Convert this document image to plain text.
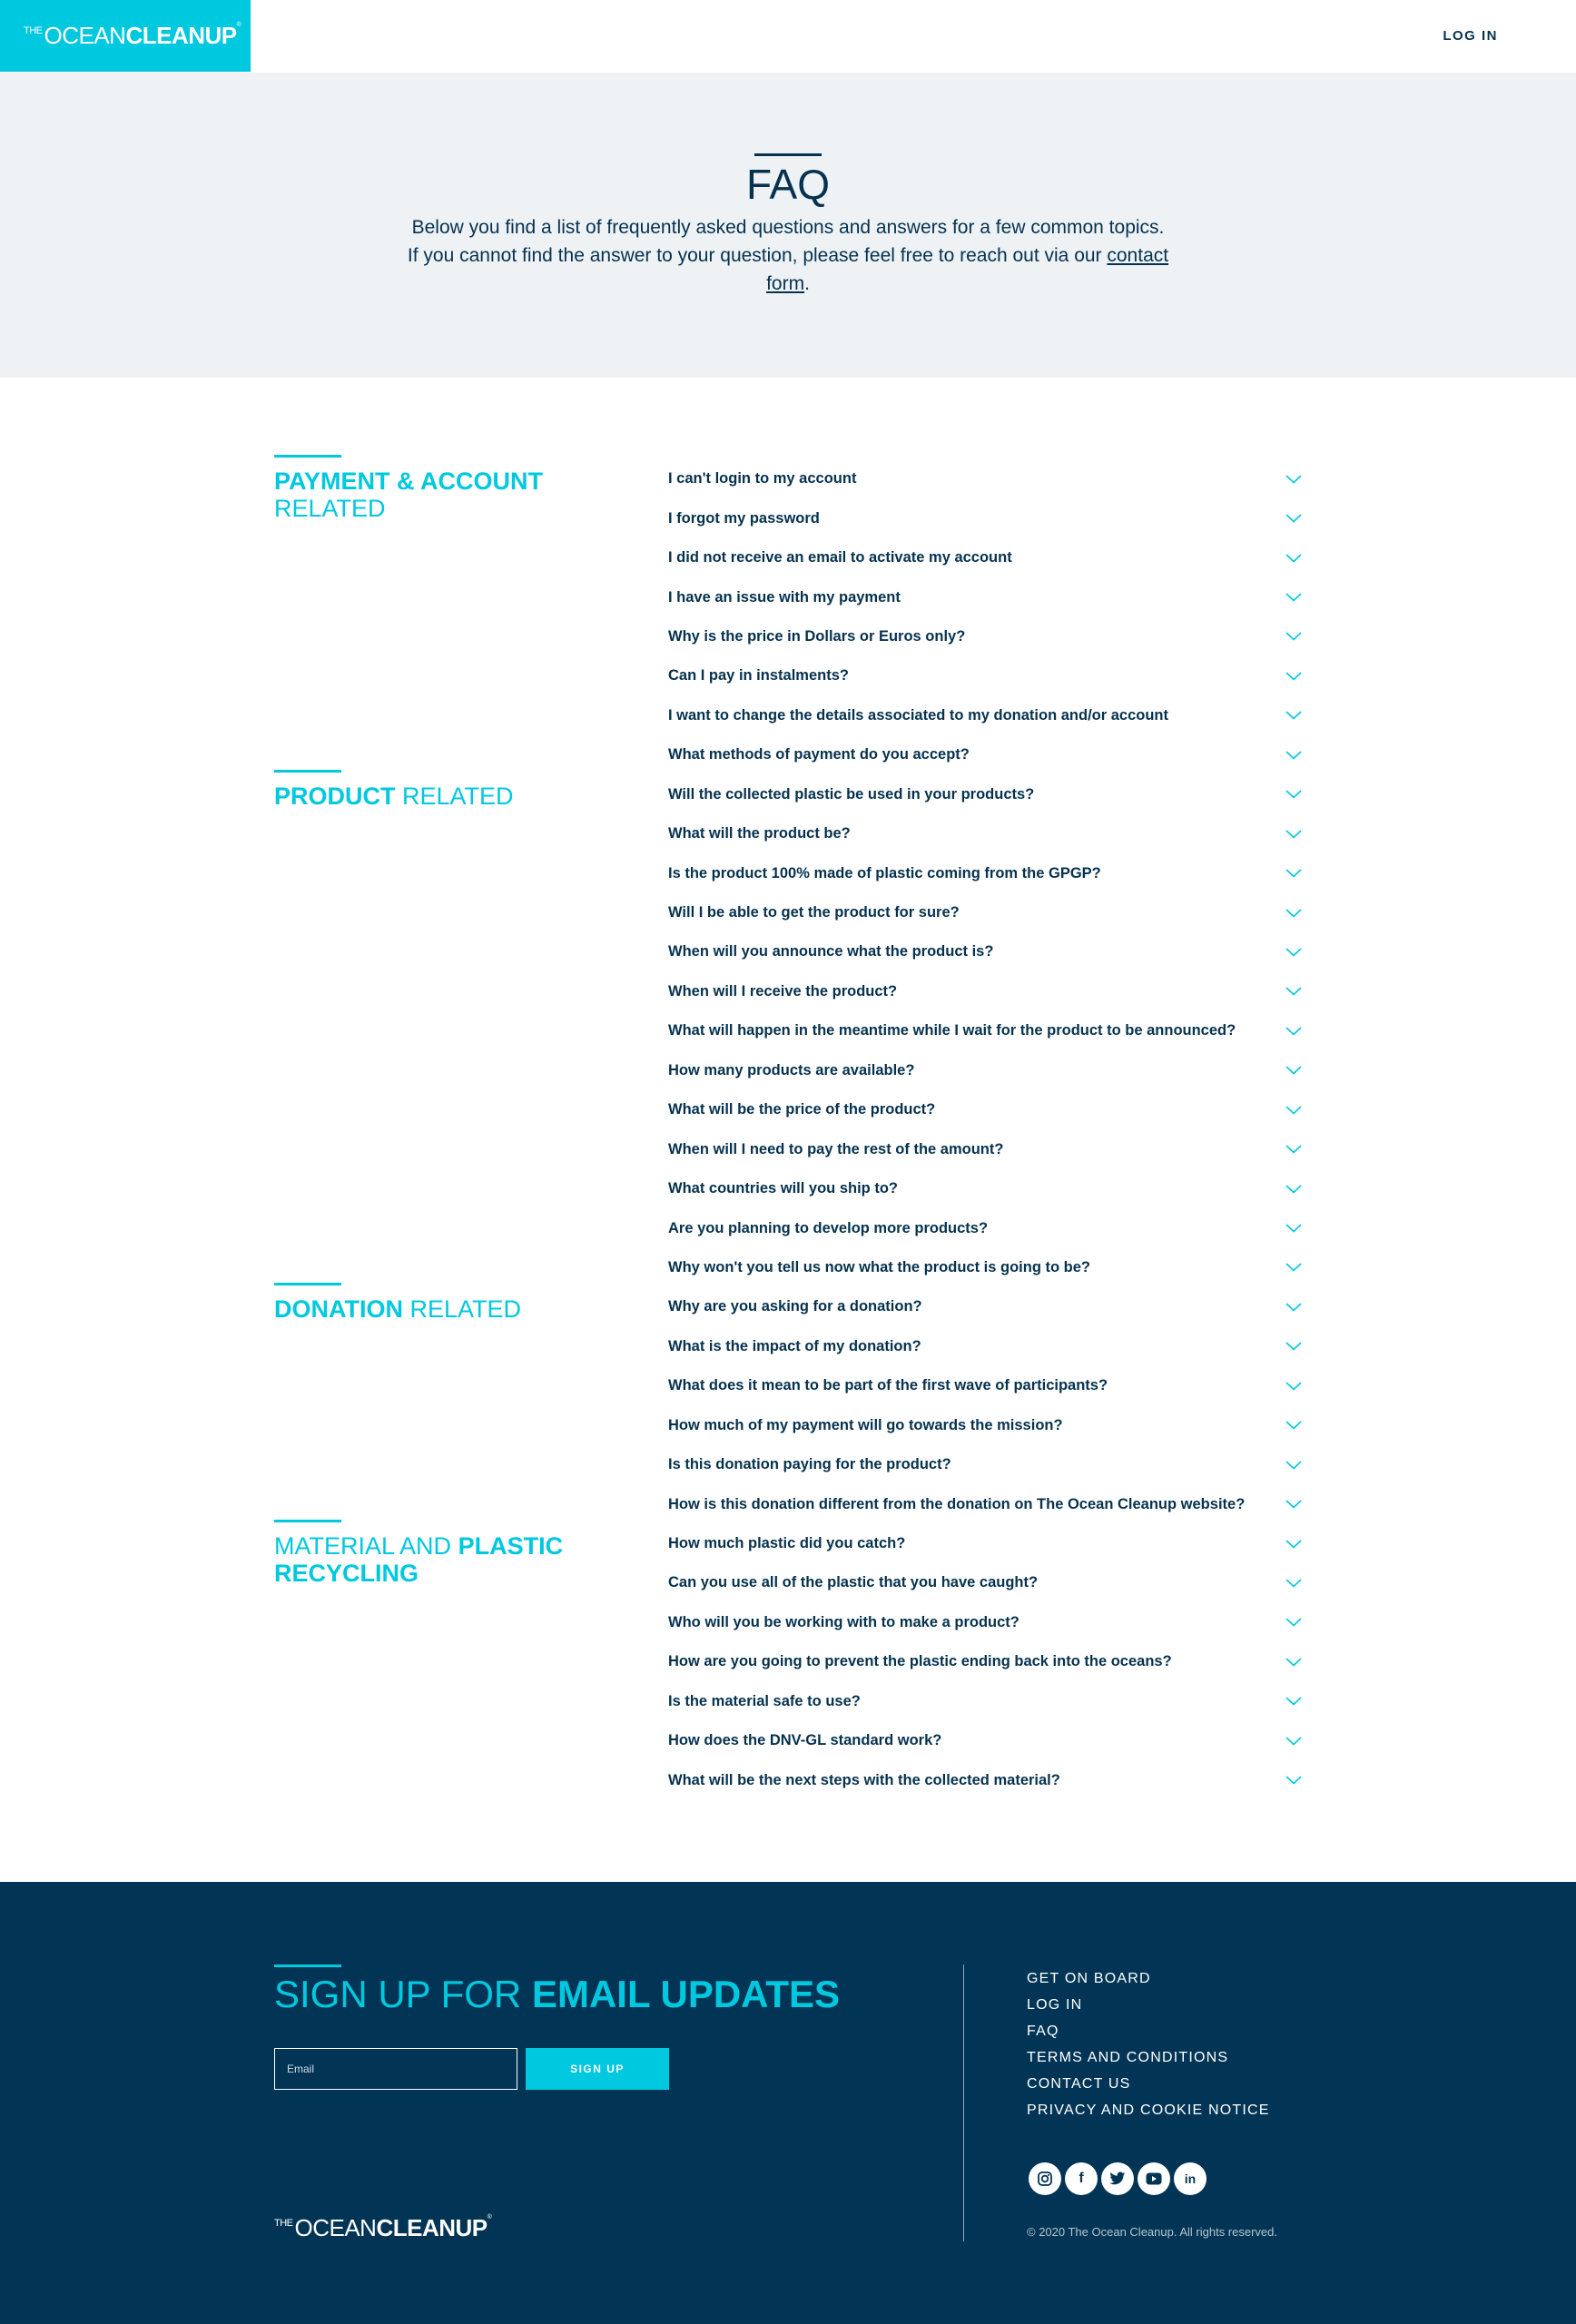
$^{THE}$OCEANCLEANUP®
LOG IN
FAQ

Below you find a list of frequently asked questions and answers for a few common topics. If you cannot find the answer to your question, please feel free to reach out via our contact form.

PAYMENT & ACCOUNT
RELATED
PRODUCT RELATED
DONATION RELATED
MATERIAL AND PLASTIC RECYCLING
I can't login to my account
I forgot my password
I did not receive an email to activate my account
I have an issue with my payment
Why is the price in Dollars or Euros only?
Can I pay in instalments?
I want to change the details associated to my donation and/or account
What methods of payment do you accept?
Will the collected plastic be used in your products?
What will the product be?
Is the product 100% made of plastic coming from the GPGP?
Will I be able to get the product for sure?
When will you announce what the product is?
When will I receive the product?
What will happen in the meantime while I wait for the product to be announced?
How many products are available?
What will be the price of the product?
When will I need to pay the rest of the amount?
What countries will you ship to?
Are you planning to develop more products?
Why won't you tell us now what the product is going to be?
Why are you asking for a donation?
What is the impact of my donation?
What does it mean to be part of the first wave of participants?
How much of my payment will go towards the mission?
Is this donation paying for the product?
How is this donation different from the donation on The Ocean Cleanup website?
How much plastic did you catch?
Can you use all of the plastic that you have caught?
Who will you be working with to make a product?
How are you going to prevent the plastic ending back into the oceans?
Is the material safe to use?
How does the DNV-GL standard work?
What will be the next steps with the collected material?
SIGN UP FOR EMAIL UPDATES
Email
SIGN UP
GET ON BOARD
LOG IN
FAQ
TERMS AND CONDITIONS
CONTACT US
PRIVACY AND COOKIE NOTICE
f	in
$^{THE}$OCEANCLEANUP®
© 2020 The Ocean Cleanup. All rights reserved.
